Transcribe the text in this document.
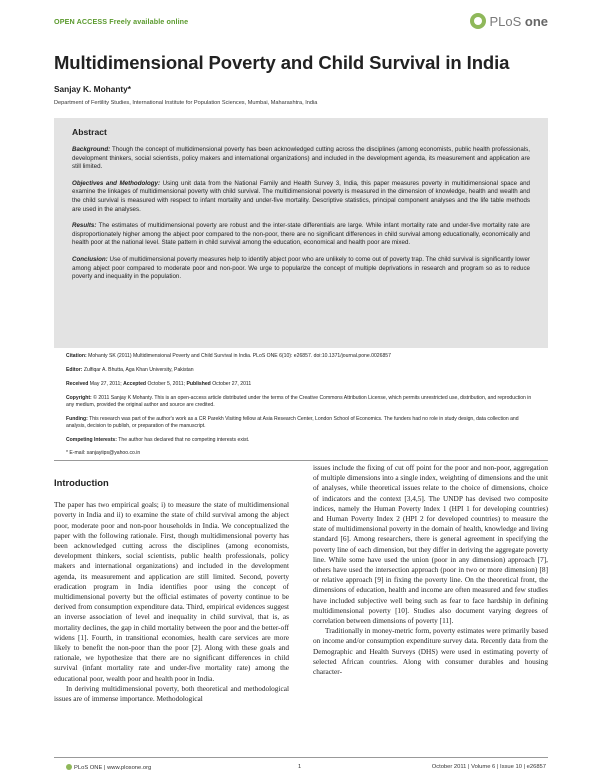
OPEN ACCESS Freely available online	PLoS one
Multidimensional Poverty and Child Survival in India
Sanjay K. Mohanty*
Department of Fertility Studies, International Institute for Population Sciences, Mumbai, Maharashtra, India
Abstract

Background: Though the concept of multidimensional poverty has been acknowledged cutting across the disciplines (among economists, public health professionals, development thinkers, social scientists, policy makers and international organizations) and included in the development agenda, its measurement and application are still limited.

Objectives and Methodology: Using unit data from the National Family and Health Survey 3, India, this paper measures poverty in multidimensional space and examine the linkages of multidimensional poverty with child survival. The multidimensional poverty is measured in the dimension of knowledge, health and wealth and the child survival is measured with respect to infant mortality and under-five mortality. Descriptive statistics, principal component analyses and the life table methods are used in the analyses.

Results: The estimates of multidimensional poverty are robust and the inter-state differentials are large. While infant mortality rate and under-five mortality rate are disproportionately higher among the abject poor compared to the non-poor, there are no significant differences in child survival among educationally, economically and health poor at the national level. State pattern in child survival among the education, economical and health poor are mixed.

Conclusion: Use of multidimensional poverty measures help to identify abject poor who are unlikely to come out of poverty trap. The child survival is significantly lower among abject poor compared to moderate poor and non-poor. We urge to popularize the concept of multiple deprivations in research and program so as to reduce poverty and inequality in the population.

Citation: Mohanty SK (2011) Multidimensional Poverty and Child Survival in India. PLoS ONE 6(10): e26857. doi:10.1371/journal.pone.0026857
Editor: Zulfiqar A. Bhutta, Aga Khan University, Pakistan
Received May 27, 2011; Accepted October 5, 2011; Published October 27, 2011
Copyright: © 2011 Sanjay K Mohanty. This is an open-access article distributed under the terms of the Creative Commons Attribution License, which permits unrestricted use, distribution, and reproduction in any medium, provided the original author and source are credited.
Funding: This research was part of the author's work as a CR Parekh Visiting fellow at Asia Research Center, London School of Economics. The funders had no role in study design, data collection and analysis, decision to publish, or preparation of the manuscript.
Competing Interests: The author has declared that no competing interests exist.
* E-mail: sanjayiips@yahoo.co.in
Introduction

The paper has two empirical goals; i) to measure the state of multidimensional poverty in India and ii) to examine the state of child survival among the abject poor, moderate poor and non-poor households in India. We conceptualized the paper with the following rationale. First, though multidimensional poverty has been acknowledged cutting across the disciplines (among economists, development thinkers, social scientists, public health professionals, policy makers and international organizations) and included in the development agenda, its measurement and application are still limited. Second, poverty eradication program in India identifies poor using the concept of multidimensional poverty but the official estimates of poverty continue to be derived from consumption expenditure data. Third, empirical evidences suggest an inverse association of level and inequality in child survival, that is, as mortality declines, the gap in child mortality between the poor and the better-off widens [1]. Fourth, in transitional economies, health care services are more likely to benefit the non-poor than the poor [2]. Along with these goals and rationale, we hypothesize that there are no significant differences in child survival (infant mortality rate and under-five mortality rate) among the educational poor, wealth poor and health poor in India.

In deriving multidimensional poverty, both theoretical and methodological issues are of immense importance. Methodological

issues include the fixing of cut off point for the poor and non-poor, aggregation of multiple dimensions into a single index, weighting of dimensions and the unit of analyses, while theoretical issues relate to the choice of dimensions, choice of indicators and the context [3,4,5]. The UNDP has devised two composite indices, namely the Human Poverty Index 1 (HPI 1 for developing countries) and Human Poverty Index 2 (HPI 2 for developed countries) to measure the state of multidimensional poverty in the domain of health, knowledge and living standard [6]. Among researchers, there is general agreement in specifying the poverty line of each dimension, but they differ in deriving the aggregate poverty line. While some have used the union (poor in any dimension) approach [7], others have used the intersection approach (poor in two or more dimension) [8] or relative approach [9] in fixing the poverty line. On the theoretical front, the dimensions of education, health and income are often measured and few studies have included subjective well being such as fear to face hardship in defining multidimensional poverty [10]. Studies also document varying degrees of correlation between dimensions of poverty [11].

Traditionally in money-metric form, poverty estimates were primarily based on income and/or consumption expenditure survey data. Recently data from the Demographic and Health Surveys (DHS) were used in estimating poverty of selected African countries. Along with consumer durables and housing character-

PLoS ONE | www.plosone.org	1	October 2011 | Volume 6 | Issue 10 | e26857
